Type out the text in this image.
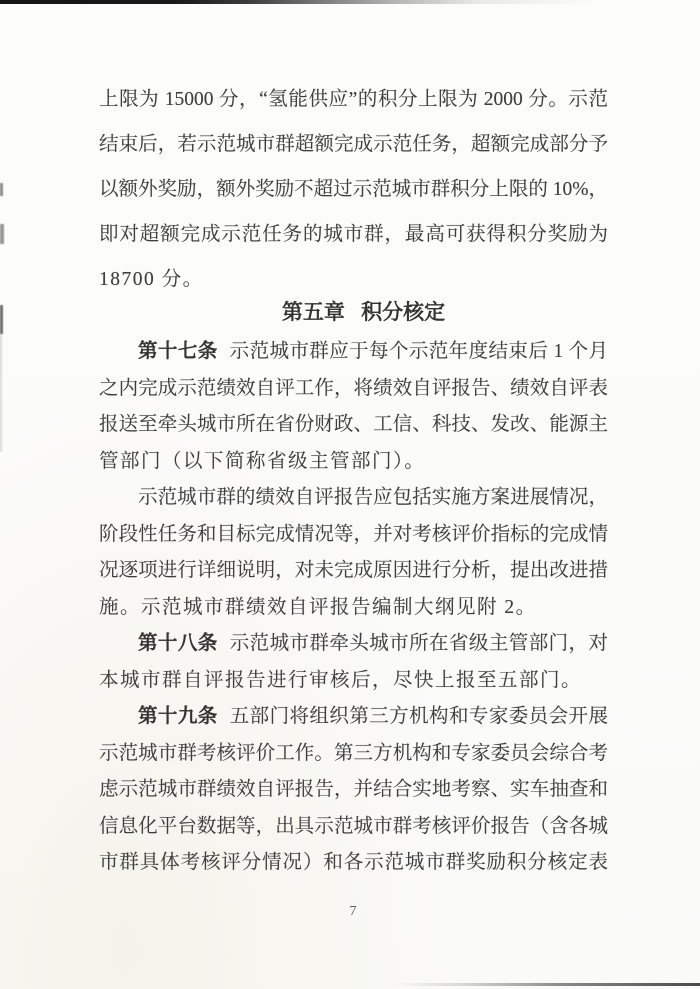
上限为 15000 分，“氢能供应”的积分上限为 2000 分。示范
结束后，若示范城市群超额完成示范任务，超额完成部分予
以额外奖励，额外奖励不超过示范城市群积分上限的 10%，
即对超额完成示范任务的城市群，最高可获得积分奖励为
18700 分。
第五章 积分核定
第十七条 示范城市群应于每个示范年度结束后 1 个月
之内完成示范绩效自评工作，将绩效自评报告、绩效自评表
报送至牵头城市所在省份财政、工信、科技、发改、能源主
管部门（以下简称省级主管部门）。
示范城市群的绩效自评报告应包括实施方案进展情况，
阶段性任务和目标完成情况等，并对考核评价指标的完成情
况逐项进行详细说明，对未完成原因进行分析，提出改进措
施。示范城市群绩效自评报告编制大纲见附 2。
第十八条 示范城市群牵头城市所在省级主管部门，对
本城市群自评报告进行审核后，尽快上报至五部门。
第十九条 五部门将组织第三方机构和专家委员会开展
示范城市群考核评价工作。第三方机构和专家委员会综合考
虑示范城市群绩效自评报告，并结合实地考察、实车抽查和
信息化平台数据等，出具示范城市群考核评价报告（含各城
市群具体考核评分情况）和各示范城市群奖励积分核定表
7
